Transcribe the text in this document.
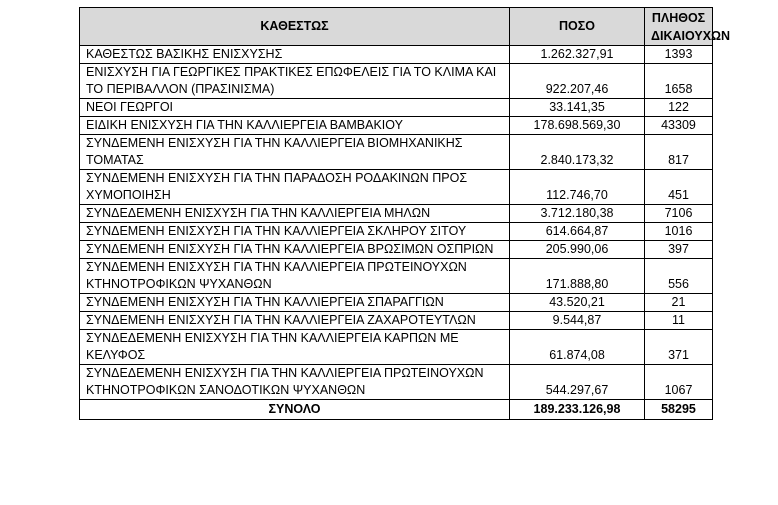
ΚΑΘΕΣΤΩΣ	ΠΟΣΟ	ΠΛΗΘΟΣ
ΔΙΚΑΙΟΥΧΩΝ

ΚΑΘΕΣΤΩΣ ΒΑΣΙΚΗΣ ΕΝΙΣΧΥΣΗΣ	1.262.327,91	1393
ΕΝΙΣΧΥΣΗ ΓΙΑ ΓΕΩΡΓΙΚΕΣ ΠΡΑΚΤΙΚΕΣ ΕΠΩΦΕΛΕΙΣ ΓΙΑ ΤΟ ΚΛΙΜΑ ΚΑΙ ΤΟ ΠΕΡΙΒΑΛΛΟΝ (ΠΡΑΣΙΝΙΣΜΑ)	922.207,46	1658
ΝΕΟΙ ΓΕΩΡΓΟΙ	33.141,35	122
ΕΙΔΙΚΗ ΕΝΙΣΧΥΣΗ ΓΙΑ ΤΗΝ ΚΑΛΛΙΕΡΓΕΙΑ ΒΑΜΒΑΚΙΟΥ	178.698.569,30	43309
ΣΥΝΔΕΜΕΝΗ ΕΝΙΣΧΥΣΗ ΓΙΑ ΤΗΝ ΚΑΛΛΙΕΡΓΕΙΑ ΒΙΟΜΗΧΑΝΙΚΗΣ ΤΟΜΑΤΑΣ	2.840.173,32	817
ΣΥΝΔΕΜΕΝΗ ΕΝΙΣΧΥΣΗ ΓΙΑ ΤΗΝ ΠΑΡΑΔΟΣΗ ΡΟΔΑΚΙΝΩΝ ΠΡΟΣ ΧΥΜΟΠΟΙΗΣΗ	112.746,70	451
ΣΥΝΔΕΔΕΜΕΝΗ ΕΝΙΣΧΥΣΗ ΓΙΑ ΤΗΝ ΚΑΛΛΙΕΡΓΕΙΑ ΜΗΛΩΝ	3.712.180,38	7106
ΣΥΝΔΕΜΕΝΗ ΕΝΙΣΧΥΣΗ ΓΙΑ ΤΗΝ ΚΑΛΛΙΕΡΓΕΙΑ ΣΚΛΗΡΟΥ ΣΙΤΟΥ	614.664,87	1016
ΣΥΝΔΕΜΕΝΗ ΕΝΙΣΧΥΣΗ ΓΙΑ ΤΗΝ ΚΑΛΛΙΕΡΓΕΙΑ ΒΡΩΣΙΜΩΝ ΟΣΠΡΙΩΝ	205.990,06	397
ΣΥΝΔΕΜΕΝΗ ΕΝΙΣΧΥΣΗ ΓΙΑ ΤΗΝ ΚΑΛΛΙΕΡΓΕΙΑ ΠΡΩΤΕΙΝΟΥΧΩΝ ΚΤΗΝΟΤΡΟΦΙΚΩΝ ΨΥΧΑΝΘΩΝ	171.888,80	556
ΣΥΝΔΕΜΕΝΗ ΕΝΙΣΧΥΣΗ ΓΙΑ ΤΗΝ ΚΑΛΛΙΕΡΓΕΙΑ ΣΠΑΡΑΓΓΙΩΝ	43.520,21	21
ΣΥΝΔΕΜΕΝΗ ΕΝΙΣΧΥΣΗ ΓΙΑ ΤΗΝ ΚΑΛΛΙΕΡΓΕΙΑ ΖΑΧΑΡΟΤΕΥΤΛΩΝ	9.544,87	11
ΣΥΝΔΕΔΕΜΕΝΗ ΕΝΙΣΧΥΣΗ ΓΙΑ ΤΗΝ ΚΑΛΛΙΕΡΓΕΙΑ ΚΑΡΠΩΝ ΜΕ ΚΕΛΥΦΟΣ	61.874,08	371
ΣΥΝΔΕΔΕΜΕΝΗ ΕΝΙΣΧΥΣΗ ΓΙΑ ΤΗΝ ΚΑΛΛΙΕΡΓΕΙΑ ΠΡΩΤΕΙΝΟΥΧΩΝ ΚΤΗΝΟΤΡΟΦΙΚΩΝ ΣΑΝΟΔΟΤΙΚΩΝ ΨΥΧΑΝΘΩΝ	544.297,67	1067
ΣΥΝΟΛΟ	189.233.126,98	58295
